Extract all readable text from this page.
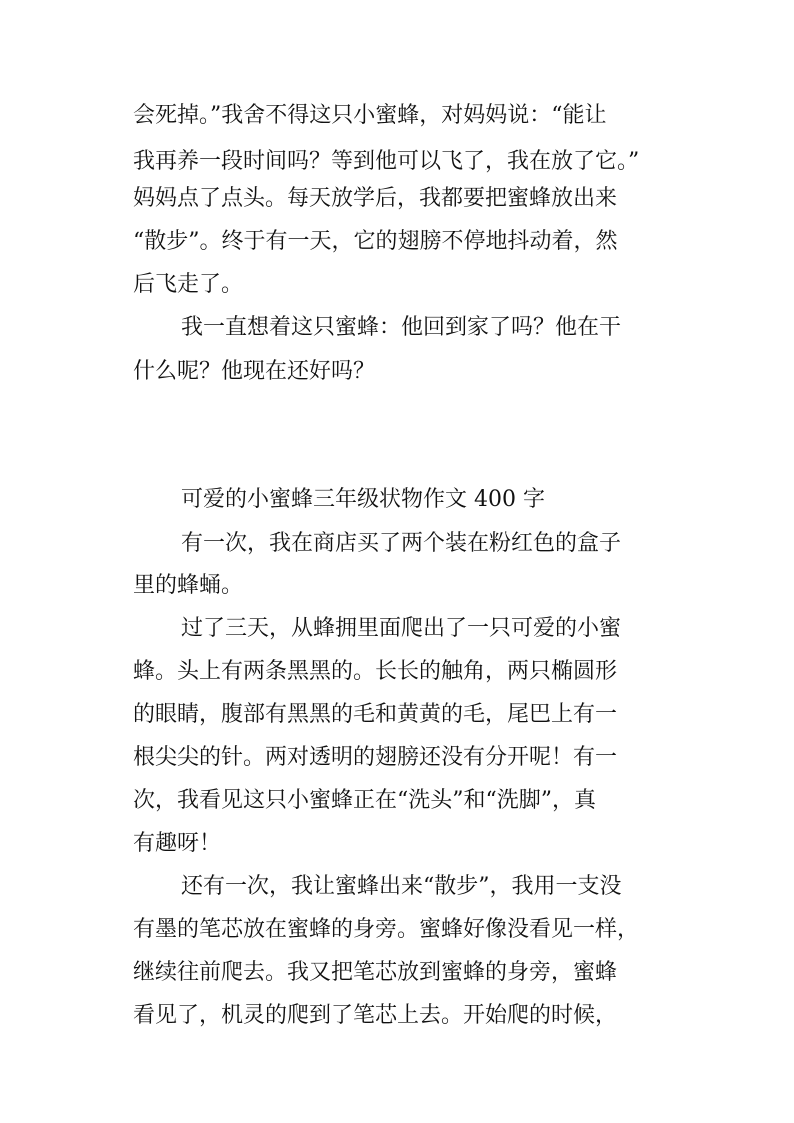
会死掉。”我舍不得这只小蜜蜂，对妈妈说：“能让

我再养一段时间吗？等到他可以飞了，我在放了它。”

妈妈点了点头。每天放学后，我都要把蜜蜂放出来

“散步”。终于有一天，它的翅膀不停地抖动着，然

后飞走了。

我一直想着这只蜜蜂：他回到家了吗？他在干

什么呢？他现在还好吗？

可爱的小蜜蜂三年级状物作文 400 字

有一次，我在商店买了两个装在粉红色的盒子

里的蜂蛹。

过了三天，从蜂拥里面爬出了一只可爱的小蜜

蜂。头上有两条黑黑的。长长的触角，两只椭圆形

的眼睛，腹部有黑黑的毛和黄黄的毛，尾巴上有一

根尖尖的针。两对透明的翅膀还没有分开呢！有一

次，我看见这只小蜜蜂正在“洗头”和“洗脚”，真

有趣呀！

还有一次，我让蜜蜂出来“散步”，我用一支没

有墨的笔芯放在蜜蜂的身旁。蜜蜂好像没看见一样，

继续往前爬去。我又把笔芯放到蜜蜂的身旁，蜜蜂

看见了，机灵的爬到了笔芯上去。开始爬的时候，
